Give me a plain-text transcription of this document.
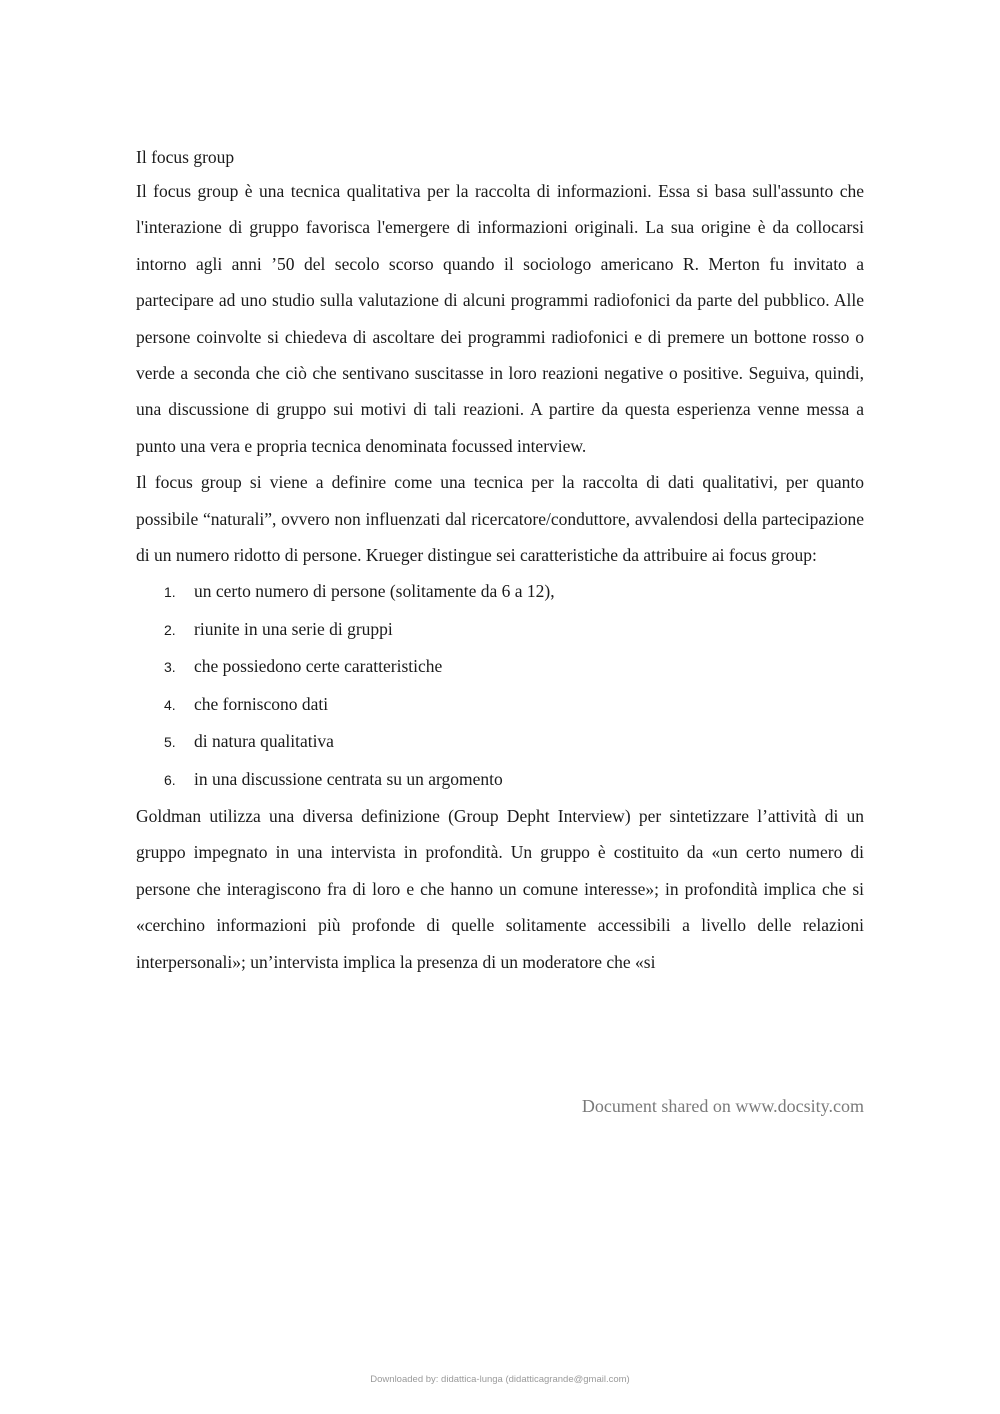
Il focus group

Il focus group è una tecnica qualitativa per la raccolta di informazioni. Essa si basa sull'assunto che l'interazione di gruppo favorisca l'emergere di informazioni originali. La sua origine è da collocarsi intorno agli anni ’50 del secolo scorso quando il sociologo americano R. Merton fu invitato a partecipare ad uno studio sulla valutazione di alcuni programmi radiofonici da parte del pubblico. Alle persone coinvolte si chiedeva di ascoltare dei programmi radiofonici e di premere un bottone rosso o verde a seconda che ciò che sentivano suscitasse in loro reazioni negative o positive. Seguiva, quindi, una discussione di gruppo sui motivi di tali reazioni. A partire da questa esperienza venne messa a punto una vera e propria tecnica denominata focussed interview.

Il focus group si viene a definire come una tecnica per la raccolta di dati qualitativi, per quanto possibile “naturali”, ovvero non influenzati dal ricercatore/conduttore, avvalendosi della partecipazione di un numero ridotto di persone. Krueger distingue sei caratteristiche da attribuire ai focus group:

1.	un certo numero di persone (solitamente da 6 a 12),
2.	riunite in una serie di gruppi
3.	che possiedono certe caratteristiche
4.	che forniscono dati
5.	di natura qualitativa
6.	in una discussione centrata su un argomento

Goldman utilizza una diversa definizione (Group Depht Interview) per sintetizzare l’attività di un gruppo impegnato in una intervista in profondità. Un gruppo è costituito da «un certo numero di persone che interagiscono fra di loro e che hanno un comune interesse»; in profondità implica che si «cerchino informazioni più profonde di quelle solitamente accessibili a livello delle relazioni interpersonali»; un’intervista implica la presenza di un moderatore che «si

Document shared on www.docsity.com
Downloaded by: didattica-lunga (didatticagrande@gmail.com)
